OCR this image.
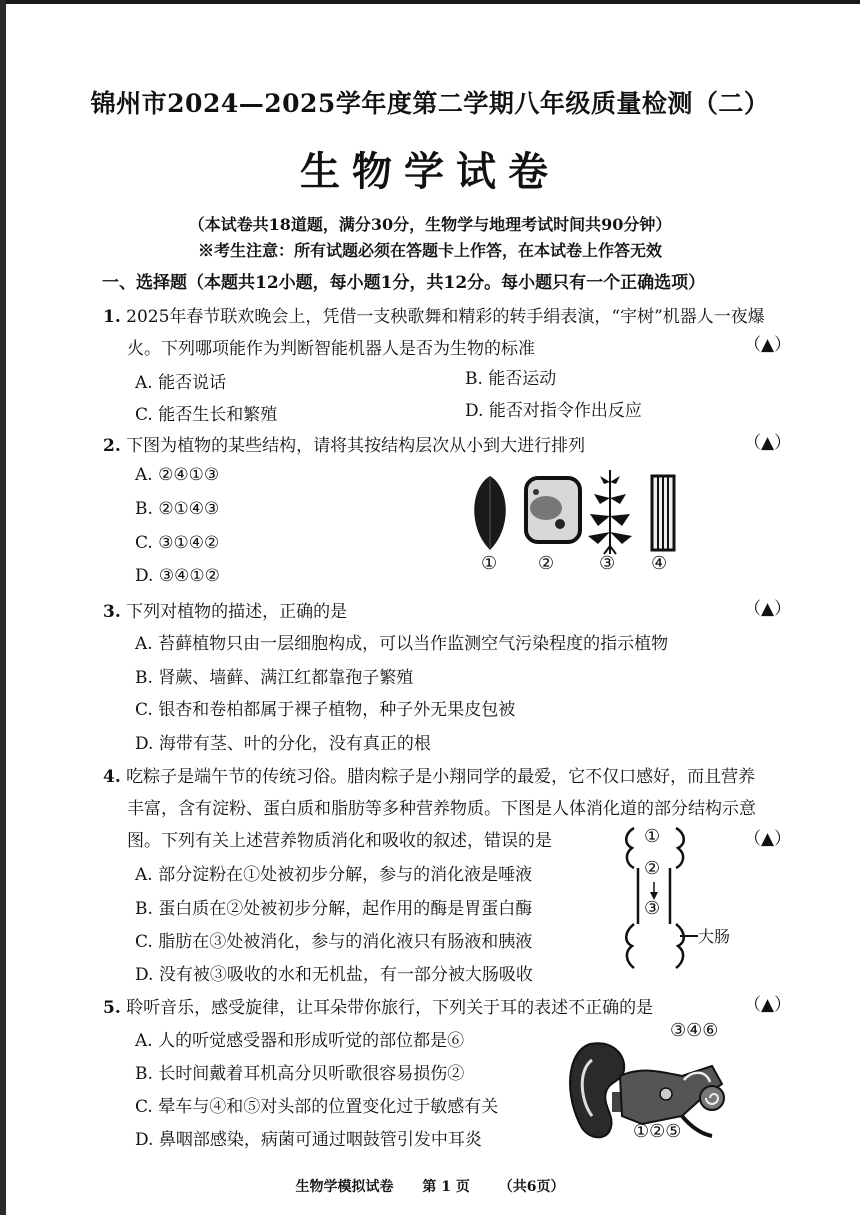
锦州市2024—2025学年度第二学期八年级质量检测（二）
生物学试卷
（本试卷共18道题，满分30分，生物学与地理考试时间共90分钟）
※考生注意：所有试题必须在答题卡上作答，在本试卷上作答无效
一、选择题（本题共12小题，每小题1分，共12分。每小题只有一个正确选项）
1. 2025年春节联欢晚会上，凭借一支秧歌舞和精彩的转手绢表演，“宇树”机器人一夜爆
火。下列哪项能作为判断智能机器人是否为生物的标准	（▲）
A. 能否说话	B. 能否运动
C. 能否生长和繁殖	D. 能否对指令作出反应
2. 下图为植物的某些结构，请将其按结构层次从小到大进行排列	（▲）
A. ②④①③
B. ②①④③
C. ③①④②
D. ③④①②
① ② ③ ④
3. 下列对植物的描述，正确的是	（▲）
A. 苔藓植物只由一层细胞构成，可以当作监测空气污染程度的指示植物
B. 肾蕨、墙藓、满江红都靠孢子繁殖
C. 银杏和卷柏都属于裸子植物，种子外无果皮包被
D. 海带有茎、叶的分化，没有真正的根
4. 吃粽子是端午节的传统习俗。腊肉粽子是小翔同学的最爱，它不仅口感好，而且营养
丰富，含有淀粉、蛋白质和脂肪等多种营养物质。下图是人体消化道的部分结构示意
图。下列有关上述营养物质消化和吸收的叙述，错误的是	（▲）
A. 部分淀粉在①处被初步分解，参与的消化液是唾液
B. 蛋白质在②处被初步分解，起作用的酶是胃蛋白酶
C. 脂肪在③处被消化，参与的消化液只有肠液和胰液
D. 没有被③吸收的水和无机盐，有一部分被大肠吸收
①
②
③
大肠
5. 聆听音乐，感受旋律，让耳朵带你旅行，下列关于耳的表述不正确的是	（▲）
A. 人的听觉感受器和形成听觉的部位都是⑥
B. 长时间戴着耳机高分贝听歌很容易损伤②
C. 晕车与④和⑤对头部的位置变化过于敏感有关
D. 鼻咽部感染，病菌可通过咽鼓管引发中耳炎
③④⑥
①②⑤
生物学模拟试卷 第 1 页 （共6页）
